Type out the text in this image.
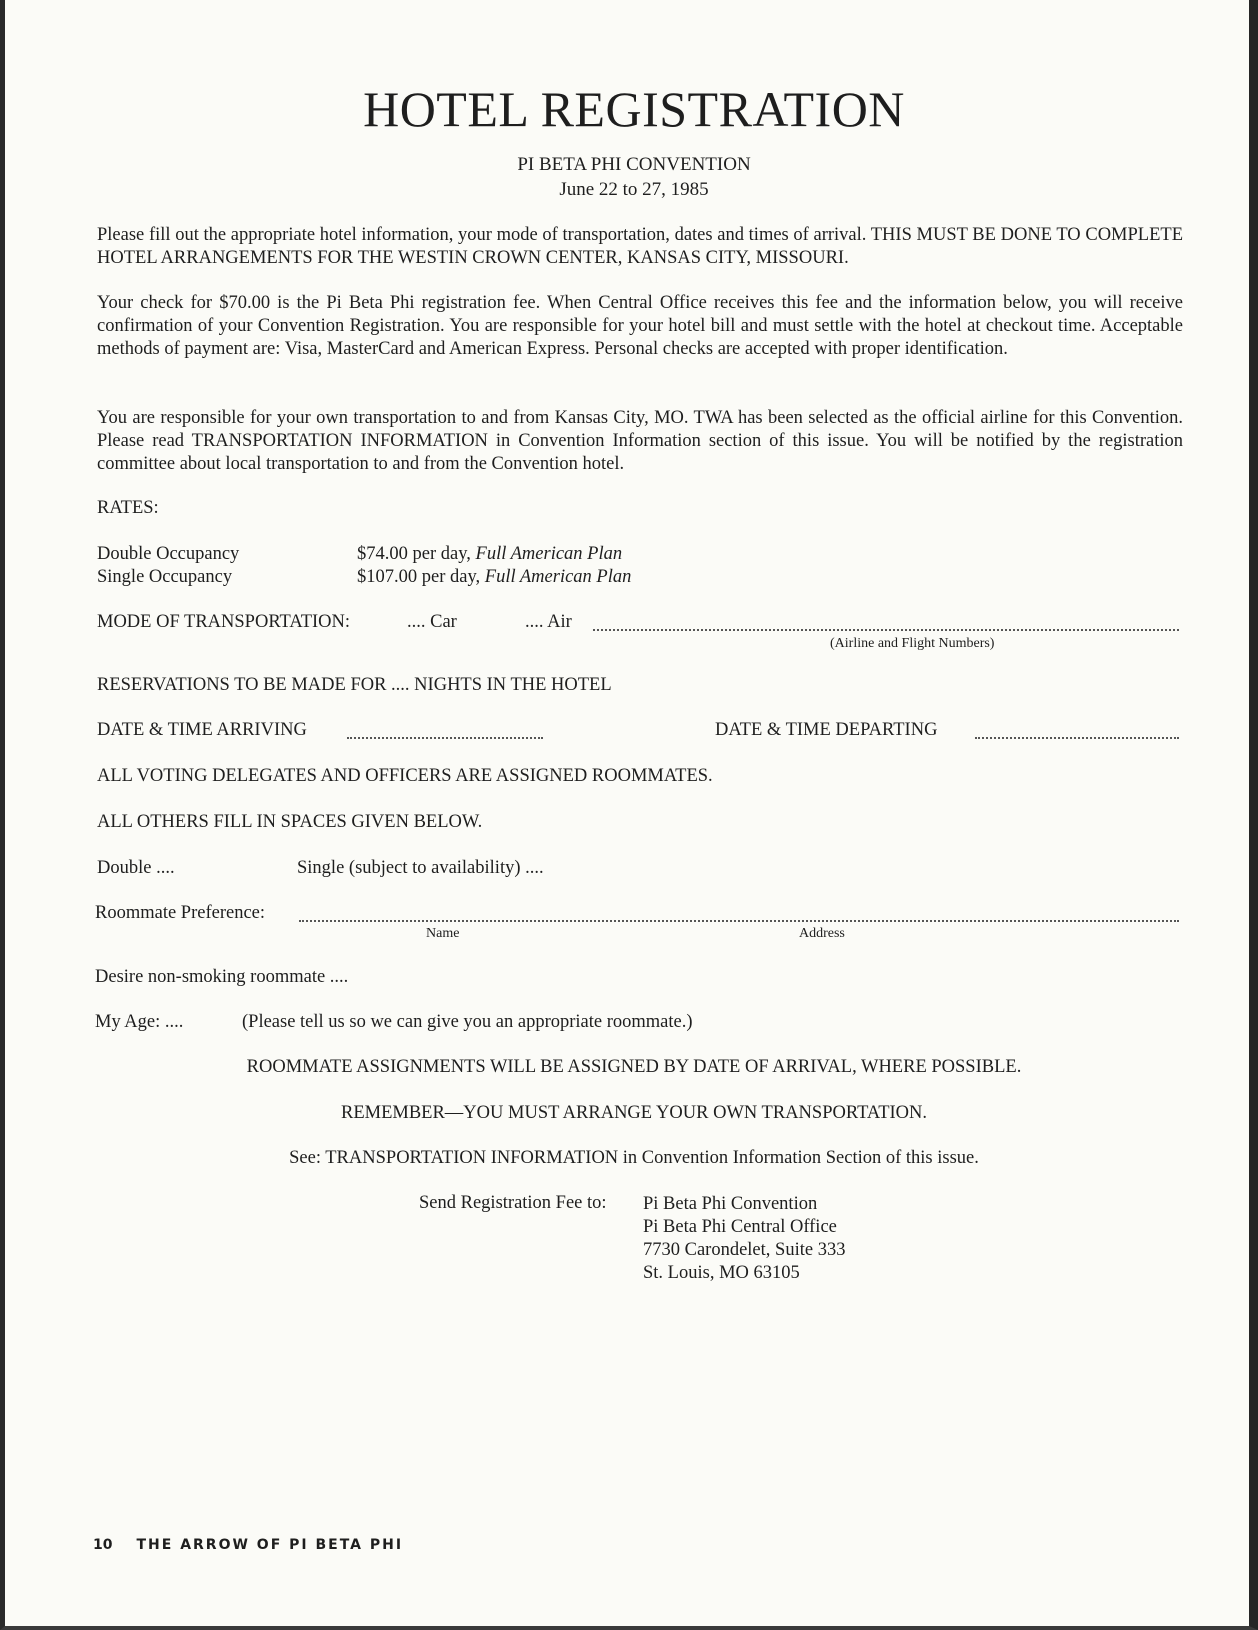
HOTEL REGISTRATION
PI BETA PHI CONVENTION
June 22 to 27, 1985
Please fill out the appropriate hotel information, your mode of transportation, dates and times of arrival. THIS MUST BE DONE TO COMPLETE HOTEL ARRANGEMENTS FOR THE WESTIN CROWN CENTER, KANSAS CITY, MISSOURI.
Your check for $70.00 is the Pi Beta Phi registration fee. When Central Office receives this fee and the information below, you will receive confirmation of your Convention Registration. You are responsible for your hotel bill and must settle with the hotel at checkout time. Acceptable methods of payment are: Visa, MasterCard and American Express. Personal checks are accepted with proper identification.
You are responsible for your own transportation to and from Kansas City, MO. TWA has been selected as the official airline for this Convention. Please read TRANSPORTATION INFORMATION in Convention Information section of this issue. You will be notified by the registration committee about local transportation to and from the Convention hotel.
RATES:
Double Occupancy	$74.00 per day, Full American Plan
Single Occupancy	$107.00 per day, Full American Plan
MODE OF TRANSPORTATION:	.... Car	.... Air
(Airline and Flight Numbers)
RESERVATIONS TO BE MADE FOR .... NIGHTS IN THE HOTEL
DATE & TIME ARRIVING	DATE & TIME DEPARTING
ALL VOTING DELEGATES AND OFFICERS ARE ASSIGNED ROOMMATES.
ALL OTHERS FILL IN SPACES GIVEN BELOW.
Double ....	Single (subject to availability) ....
Roommate Preference:
Name	Address
Desire non-smoking roommate ....
My Age: ....	(Please tell us so we can give you an appropriate roommate.)
ROOMMATE ASSIGNMENTS WILL BE ASSIGNED BY DATE OF ARRIVAL, WHERE POSSIBLE.
REMEMBER—YOU MUST ARRANGE YOUR OWN TRANSPORTATION.
See: TRANSPORTATION INFORMATION in Convention Information Section of this issue.
Send Registration Fee to: Pi Beta Phi Convention
Pi Beta Phi Central Office
7730 Carondelet, Suite 333
St. Louis, MO 63105
10 THE ARROW OF PI BETA PHI
